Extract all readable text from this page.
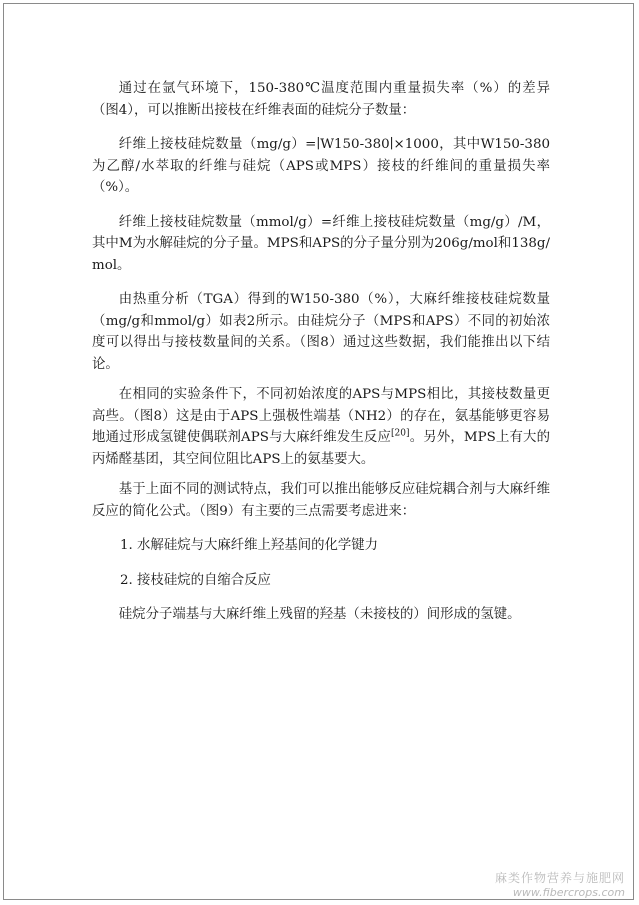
通过在氩气环境下，150-380℃温度范围内重量损失率（%）的差异（图4），可以推断出接枝在纤维表面的硅烷分子数量：

纤维上接枝硅烷数量（mg/g）=∣W150-380∣×1000，其中W150-380为乙醇/水萃取的纤维与硅烷（APS或MPS）接枝的纤维间的重量损失率（%）。

纤维上接枝硅烷数量（mmol/g）=纤维上接枝硅烷数量（mg/g）/M，其中M为水解硅烷的分子量。MPS和APS的分子量分别为206g/mol和138g/mol。

由热重分析（TGA）得到的W150-380（%），大麻纤维接枝硅烷数量（mg/g和mmol/g）如表2所示。由硅烷分子（MPS和APS）不同的初始浓度可以得出与接枝数量间的关系。（图8）通过这些数据，我们能推出以下结论。

在相同的实验条件下，不同初始浓度的APS与MPS相比，其接枝数量更高些。（图8）这是由于APS上强极性端基（NH2）的存在，氨基能够更容易地通过形成氢键使偶联剂APS与大麻纤维发生反应[20]。另外，MPS上有大的丙烯醛基团，其空间位阻比APS上的氨基要大。

基于上面不同的测试特点，我们可以推出能够反应硅烷耦合剂与大麻纤维反应的简化公式。（图9）有主要的三点需要考虑进来：

1. 水解硅烷与大麻纤维上羟基间的化学键力

2. 接枝硅烷的自缩合反应

硅烷分子端基与大麻纤维上残留的羟基（未接枝的）间形成的氢键。

麻类作物营养与施肥网
www.fibercrops.com
